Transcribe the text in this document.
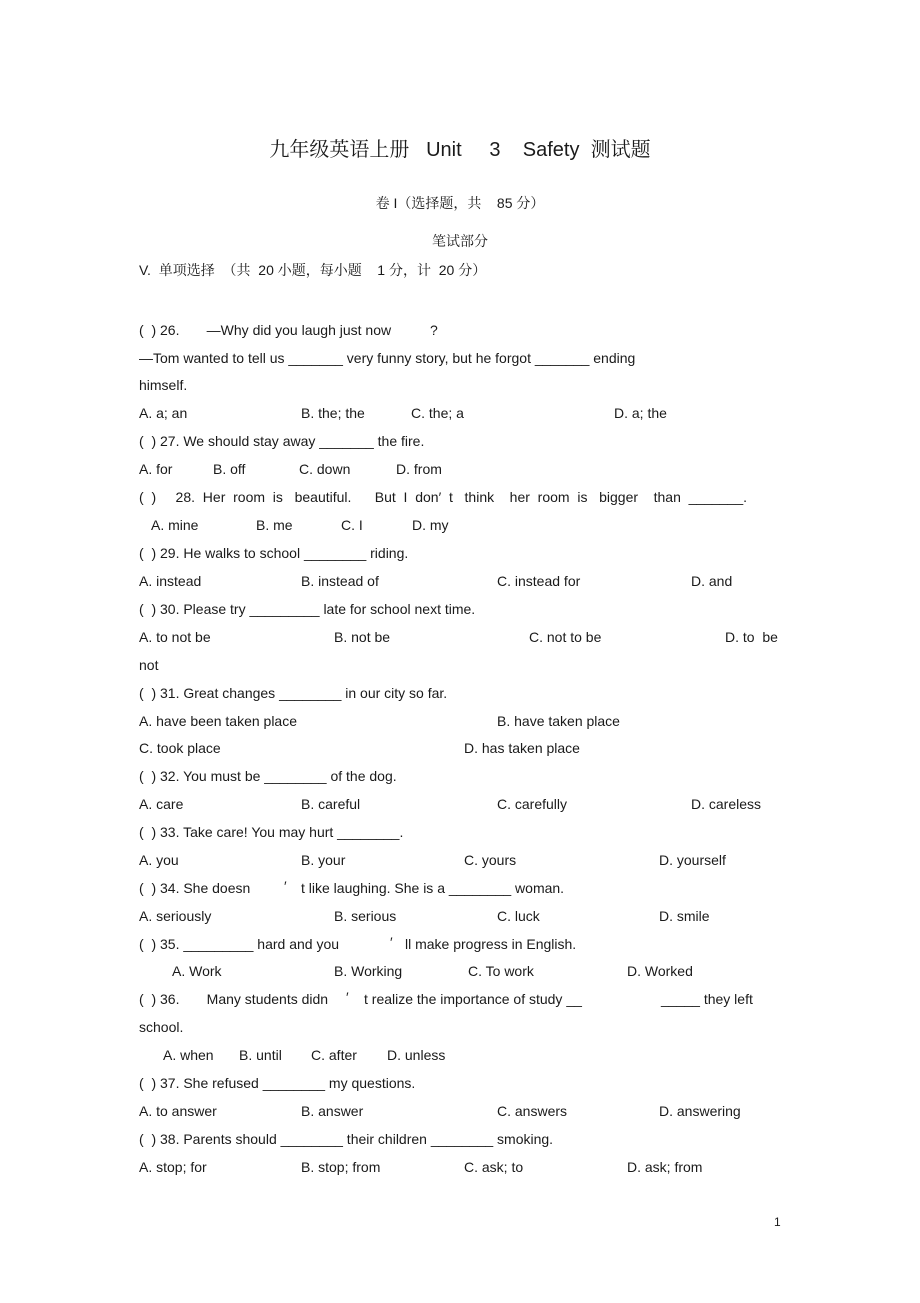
九年级英语上册   Unit     3    Safety  测试题
卷 I（选择题，共    85 分）
笔试部分
V.  单项选择  （共  20 小题，每小题    1 分，计  20 分）
(  ) 26.       —Why did you laugh just now          ?
—Tom wanted to tell us _______ very funny story, but he forgot _______ ending
himself.
A. a; an	B. the; the	C. the; a	D. a; the
(  ) 27. We should stay away _______ the fire.
A. for	B. off	C. down	D. from
(  )     28.  Her  room  is   beautiful.      But  I  don′  t   think    her  room  is   bigger    than  _______.
A. mine	B. me	C. I	D. my
(  ) 29. He walks to school ________ riding.
A. instead	B. instead of	C. instead for	D. and
(  ) 30. Please try _________ late for school next time.
A. to not be	B. not be	C. not to be	D. to  be
not
(  ) 31. Great changes ________ in our city so far.
A. have been taken place	B. have taken place
C. took place	D. has taken place
(  ) 32. You must be ________ of the dog.
A. care	B. careful	C. carefully	D. careless
(  ) 33. Take care! You may hurt ________.
A. you	B. your	C. yours	D. yourself
(  ) 34. She doesn ′ t like laughing. She is a ________ woman.
A. seriously	B. serious	C. luck	D. smile
(  ) 35. _________ hard and you	′ ll make progress in English.
A. Work	B. Working	C. To work	D. Worked
(  ) 36.       Many students didn ′ t realize the importance of study __	_____ they left
school.
A. when B. until C. after D. unless
(  ) 37. She refused ________ my questions.
A. to answer	B. answer	C. answers	D. answering
(  ) 38. Parents should ________ their children ________ smoking.
A. stop; for	B. stop; from	C. ask; to	D. ask; from
1
